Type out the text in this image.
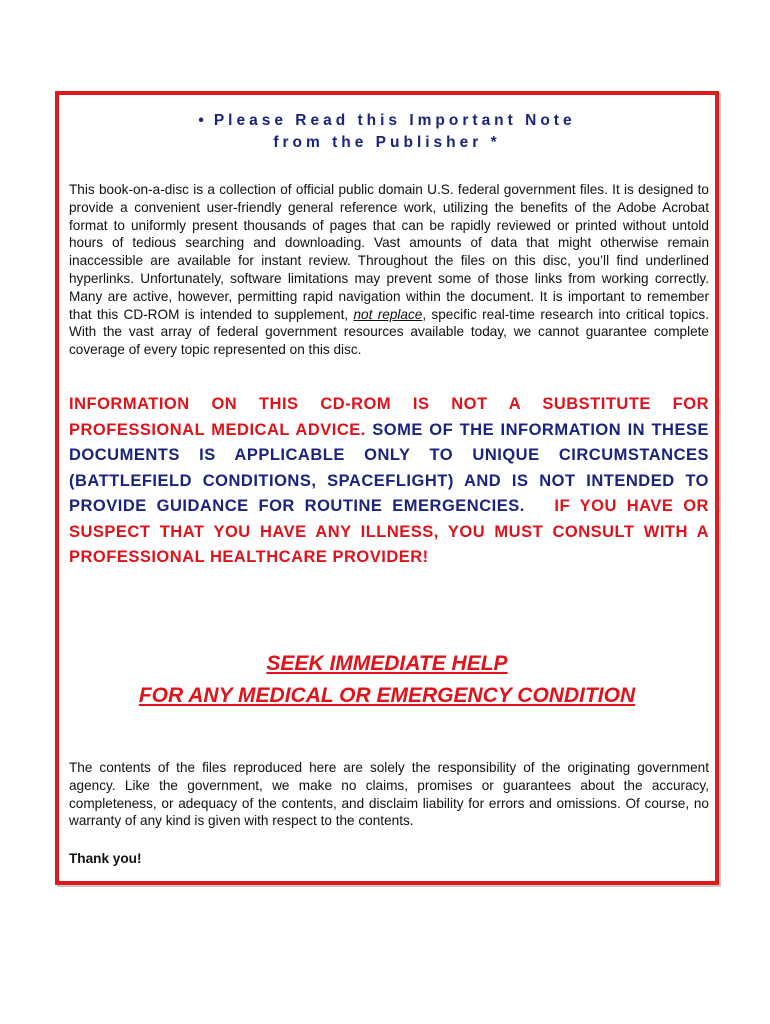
• Please Read this Important Note
from the Publisher *

This book-on-a-disc is a collection of official public domain U.S. federal government files. It is designed to provide a convenient user-friendly general reference work, utilizing the benefits of the Adobe Acrobat format to uniformly present thousands of pages that can be rapidly reviewed or printed without untold hours of tedious searching and downloading. Vast amounts of data that might otherwise remain inaccessible are available for instant review. Throughout the files on this disc, you’ll find underlined hyperlinks. Unfortunately, software limitations may prevent some of those links from working correctly. Many are active, however, permitting rapid navigation within the document. It is important to remember that this CD-ROM is intended to supplement, not replace, specific real-time research into critical topics. With the vast array of federal government resources available today, we cannot guarantee complete coverage of every topic represented on this disc.

INFORMATION ON THIS CD-ROM IS NOT A SUBSTITUTE FOR PROFESSIONAL MEDICAL ADVICE. SOME OF THE INFORMATION IN THESE DOCUMENTS IS APPLICABLE ONLY TO UNIQUE CIRCUMSTANCES (BATTLEFIELD CONDITIONS, SPACEFLIGHT) AND IS NOT INTENDED TO PROVIDE GUIDANCE FOR ROUTINE EMERGENCIES. IF YOU HAVE OR SUSPECT THAT YOU HAVE ANY ILLNESS, YOU MUST CONSULT WITH A PROFESSIONAL HEALTHCARE PROVIDER!

SEEK IMMEDIATE HELP

FOR ANY MEDICAL OR EMERGENCY CONDITION

The contents of the files reproduced here are solely the responsibility of the originating government agency. Like the government, we make no claims, promises or guarantees about the accuracy, completeness, or adequacy of the contents, and disclaim liability for errors and omissions. Of course, no warranty of any kind is given with respect to the contents.

Thank you!
